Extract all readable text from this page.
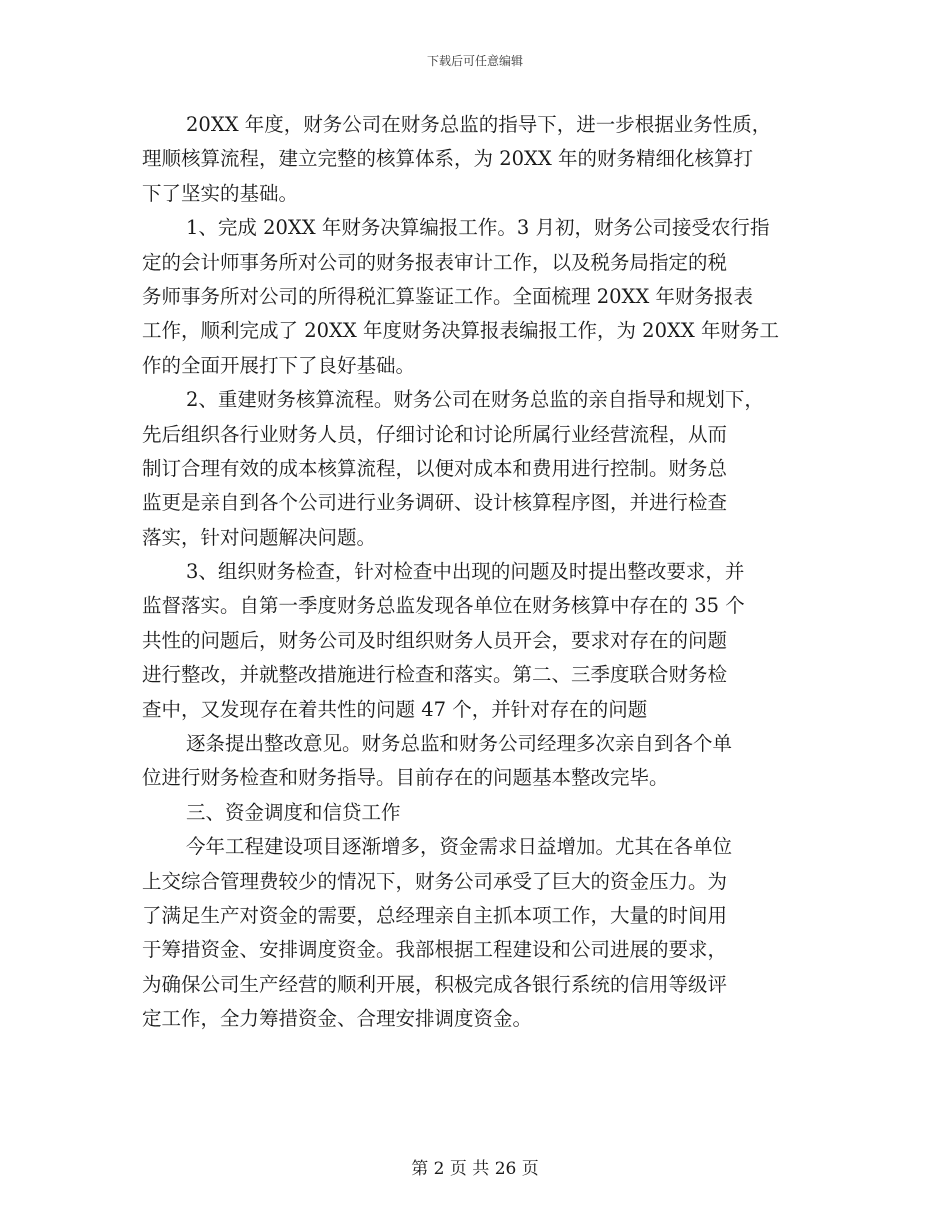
下载后可任意编辑
20XX 年度，财务公司在财务总监的指导下，进一步根据业务性质，
理顺核算流程，建立完整的核算体系，为 20XX 年的财务精细化核算打
下了坚实的基础。
1、完成 20XX 年财务决算编报工作。3 月初，财务公司接受农行指
定的会计师事务所对公司的财务报表审计工作，以及税务局指定的税
务师事务所对公司的所得税汇算鉴证工作。全面梳理 20XX 年财务报表
工作，顺利完成了 20XX 年度财务决算报表编报工作，为 20XX 年财务工
作的全面开展打下了良好基础。
2、重建财务核算流程。财务公司在财务总监的亲自指导和规划下，
先后组织各行业财务人员，仔细讨论和讨论所属行业经营流程，从而
制订合理有效的成本核算流程，以便对成本和费用进行控制。财务总
监更是亲自到各个公司进行业务调研、设计核算程序图，并进行检查
落实，针对问题解决问题。
3、组织财务检查，针对检查中出现的问题及时提出整改要求，并
监督落实。自第一季度财务总监发现各单位在财务核算中存在的 35 个
共性的问题后，财务公司及时组织财务人员开会，要求对存在的问题
进行整改，并就整改措施进行检查和落实。第二、三季度联合财务检
查中，又发现存在着共性的问题 47 个，并针对存在的问题
逐条提出整改意见。财务总监和财务公司经理多次亲自到各个单
位进行财务检查和财务指导。目前存在的问题基本整改完毕。
三、资金调度和信贷工作
今年工程建设项目逐渐增多，资金需求日益增加。尤其在各单位
上交综合管理费较少的情况下，财务公司承受了巨大的资金压力。为
了满足生产对资金的需要，总经理亲自主抓本项工作，大量的时间用
于筹措资金、安排调度资金。我部根据工程建设和公司进展的要求，
为确保公司生产经营的顺利开展，积极完成各银行系统的信用等级评
定工作，全力筹措资金、合理安排调度资金。
第 2 页 共 26 页
